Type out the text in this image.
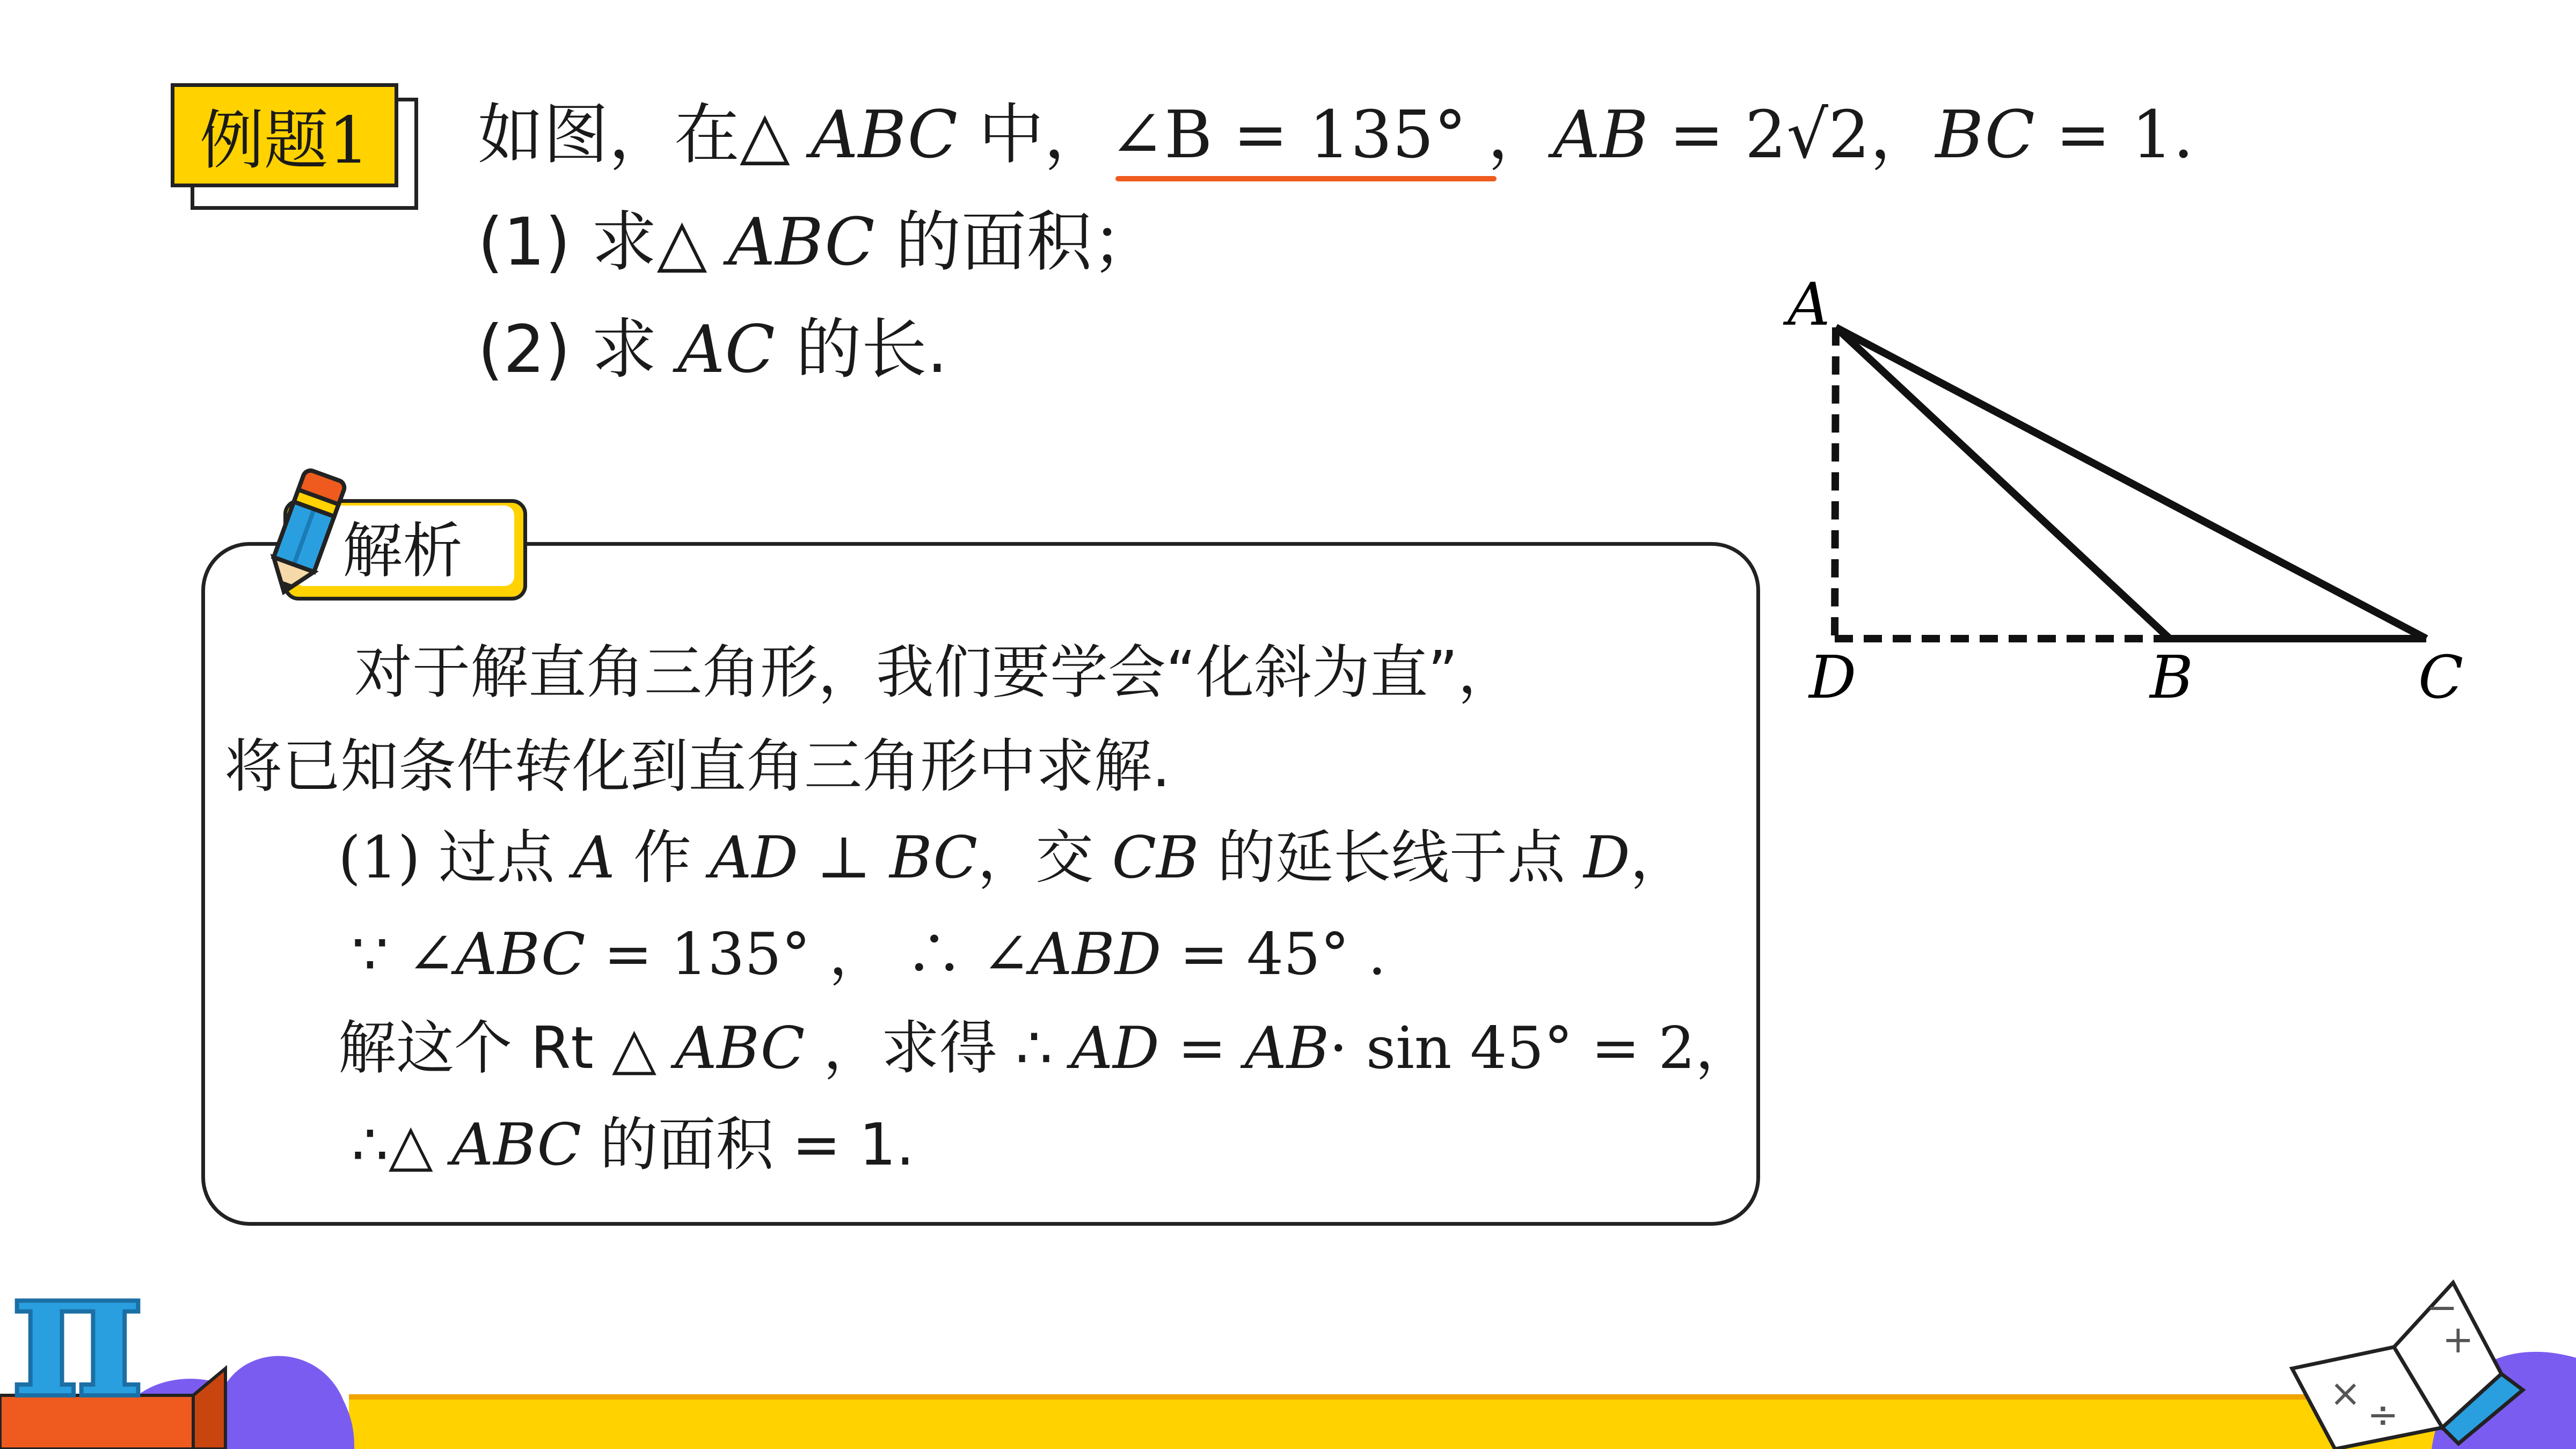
例题1 如图，在△ ABC 中，∠B = 135° ，AB = 2√2，BC = 1.
(1) 求△ ABC 的面积；
(2) 求 AC 的长.
A
D	B	C
解析
对于解直角三角形，我们要学会“化斜为直”，
将已知条件转化到直角三角形中求解.
(1) 过点 A 作 AD ⊥ BC，交 CB 的延长线于点 D，
∵ ∠ABC = 135° ， ∴ ∠ABD = 45° .
解这个 Rt △ ABC ，求得 ∴ AD = AB· sin 45° = 2，
∴△ ABC 的面积 = 1.
π	× ÷
+
−
